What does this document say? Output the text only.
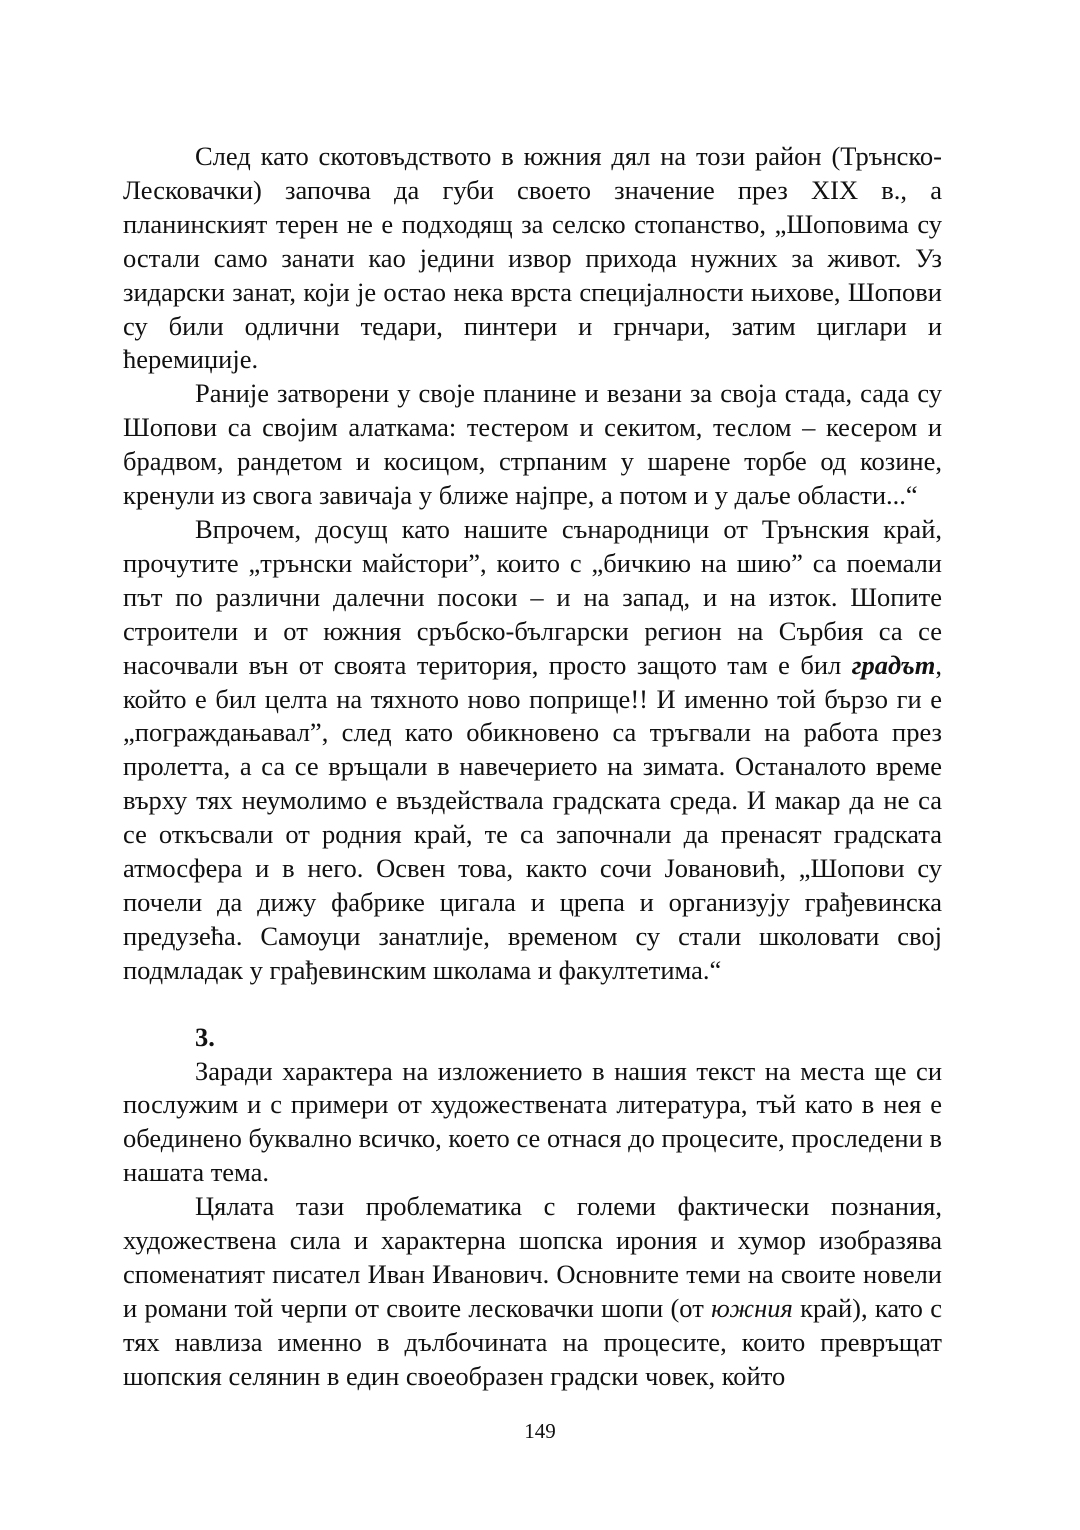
След като скотовъдството в южния дял на този район (Трънско-Лесковачки) започва да губи своето значение през XIX в., а планинският терен не е подходящ за селско стопанство, „Шоповима су остали само занати као једини извор прихода нужних за живот. Уз зидарски занат, који је остао нека врста специјалности њихове, Шопови су били одлични тедари, пинтери и грнчари, затим циглари и ћеремиџије.

Раније затворени у своје планине и везани за своја стада, сада су Шопови са својим алаткама: тестером и секитом, теслом – кесером и брадвом, рандетом и косицом, стрпаним у шарене торбе од козине, кренули из свога завичаја у ближе најпре, а потом и у даље области...“

Впрочем, досущ като нашите сънародници от Трънския край, прочутите „трънски майстори”, които с „бичкию на шию” са поемали път по различни далечни посоки – и на запад, и на изток. Шопите строители и от южния сръбско-български регион на Сърбия са се насочвали вън от своята територия, просто защото там е бил градът, който е бил целта на тяхното ново поприще!! И именно той бързо ги е „пограждањавал”, след като обикновено са тръгвали на работа през пролетта, а са се връщали в навечерието на зимата. Останалото време върху тях неумолимо е въздействала градската среда. И макар да не са се откъсвали от родния край, те са започнали да пренасят градската атмосфера и в него. Освен това, както сочи Јовановић, „Шопови су почели да дижу фабрике цигала и црепа и организују грађевинска предузећа. Самоуци занатлије, временом су стали школовати свој подмладак у грађевинским школама и факултетима.“

3.

Заради характера на изложението в нашия текст на места ще си послужим и с примери от художествената литература, тъй като в нея е обединено буквално всичко, което се отнася до процесите, проследени в нашата тема.

Цялата тази проблематика с големи фактически познания, художествена сила и характерна шопска ирония и хумор изобразява споменатият писател Иван Иванович. Основните теми на своите новели и романи той черпи от своите лесковачки шопи (от южния край), като с тях навлиза именно в дълбочината на процесите, които превръщат шопския селянин в един своеобразен градски човек, който

149
